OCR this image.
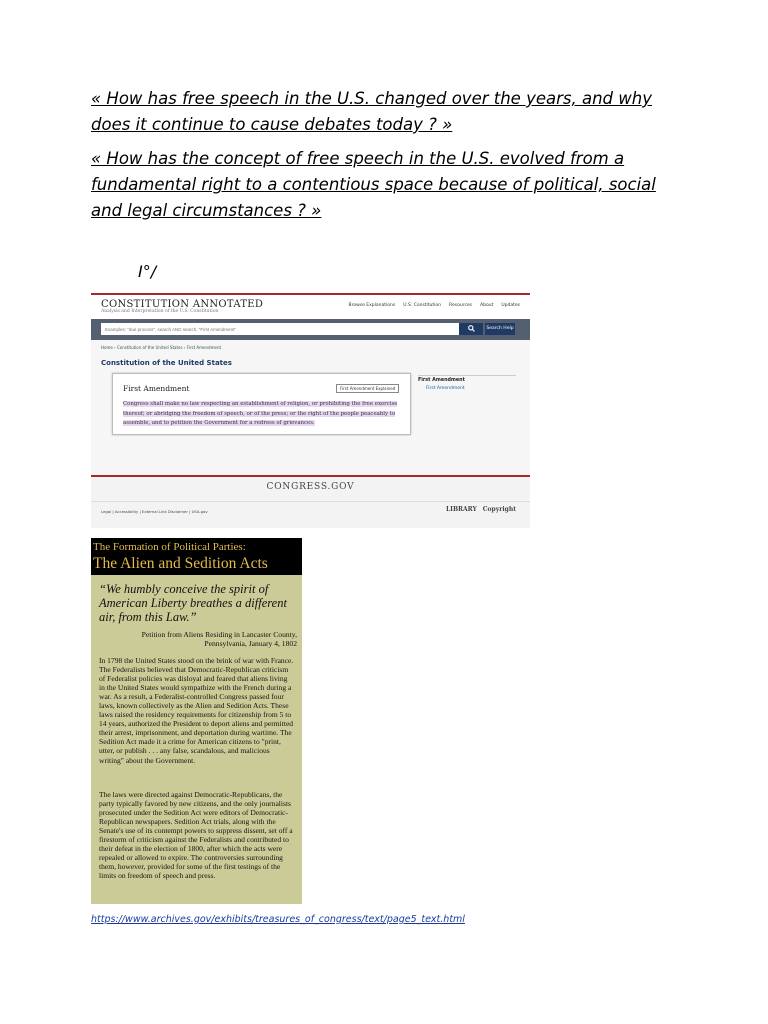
« How has free speech in the U.S. changed over the years, and why does it continue to cause debates today ? »

« How has the concept of free speech in the U.S. evolved from a fundamental right to a contentious space because of political, social and legal circumstances ? »

I°/
CONSTITUTION ANNOTATED
Analysis and Interpretation of the U.S. Constitution
Browse Explanations U.S. Constitution Resources About Updates
Examples: "due process", search AND search, "First Amendment"
Search Help
Home › Constitution of the United States › First Amendment
Constitution of the United States
First Amendment	First Amendment Explained
Congress shall make no law respecting an establishment of religion, or prohibiting the free exercise thereof; or abridging the freedom of speech, or of the press; or the right of the people peaceably to assemble, and to petition the Government for a redress of grievances.
First Amendment
First Amendment
CONGRESS.GOV
Legal | Accessibility | External Link Disclaimer | USA.gov	LIBRARY Copyright
The Formation of Political Parties:
The Alien and Sedition Acts
“We humbly conceive the spirit of American Liberty breathes a different air, from this Law.”
Petition from Aliens Residing in Lancaster County,
Pennsylvania, January 4, 1802
In 1798 the United States stood on the brink of war with France. The Federalists believed that Democratic-Republican criticism of Federalist policies was disloyal and feared that aliens living in the United States would sympathize with the French during a war. As a result, a Federalist-controlled Congress passed four laws, known collectively as the Alien and Sedition Acts. These laws raised the residency requirements for citizenship from 5 to 14 years, authorized the President to deport aliens and permitted their arrest, imprisonment, and deportation during wartime. The Sedition Act made it a crime for American citizens to "print, utter, or publish . . . any false, scandalous, and malicious writing" about the Government.
The laws were directed against Democratic-Republicans, the party typically favored by new citizens, and the only journalists prosecuted under the Sedition Act were editors of Democratic-Republican newspapers. Sedition Act trials, along with the Senate's use of its contempt powers to suppress dissent, set off a firestorm of criticism against the Federalists and contributed to their defeat in the election of 1800, after which the acts were repealed or allowed to expire. The controversies surrounding them, however, provided for some of the first testings of the limits on freedom of speech and press.
https://www.archives.gov/exhibits/treasures_of_congress/text/page5_text.html
